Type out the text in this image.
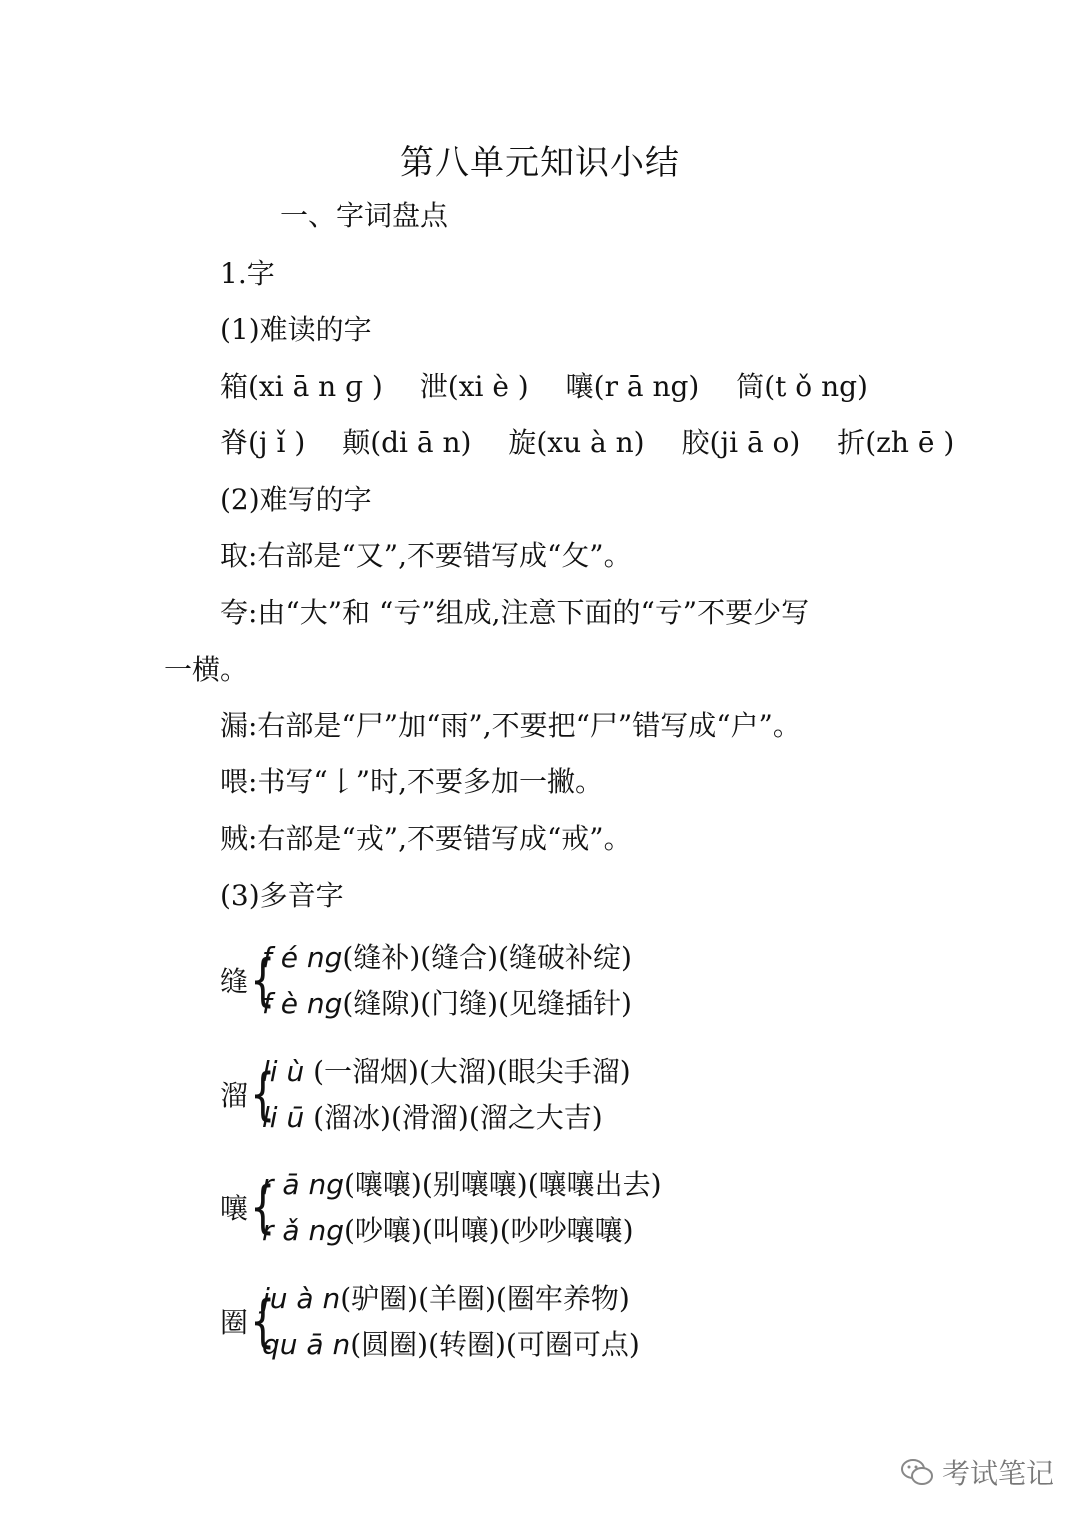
第八单元知识小结
一、字词盘点
1.字
(1)难读的字
箱(xi ā n ɡ ) 泄(xi è ) 嚷(r ā ng) 筒(t ǒ ng)
脊(j ǐ ) 颠(di ā n) 旋(xu à n) 胶(ji ā o) 折(zh ē )
(2)难写的字
取:右部是“又”,不要错写成“攵”。
夸:由“大”和 “亏”组成,注意下面的“亏”不要少写
一横。
漏:右部是“尸”加“雨”,不要把“尸”错写成“户”。
喂:书写“𠄌”时,不要多加一撇。
贼:右部是“戎”,不要错写成“戒”。
(3)多音字
缝 {
f é ng(缝补)(缝合)(缝破补绽)
f è ng(缝隙)(门缝)(见缝插针)
溜 {
li ù (一溜烟)(大溜)(眼尖手溜)
li ū (溜冰)(滑溜)(溜之大吉)
嚷 {
r ā ng(嚷嚷)(别嚷嚷)(嚷嚷出去)
r ǎ ng(吵嚷)(叫嚷)(吵吵嚷嚷)
圈 {
ju à n(驴圈)(羊圈)(圈牢养物)
qu ā n(圆圈)(转圈)(可圈可点)
考试笔记
